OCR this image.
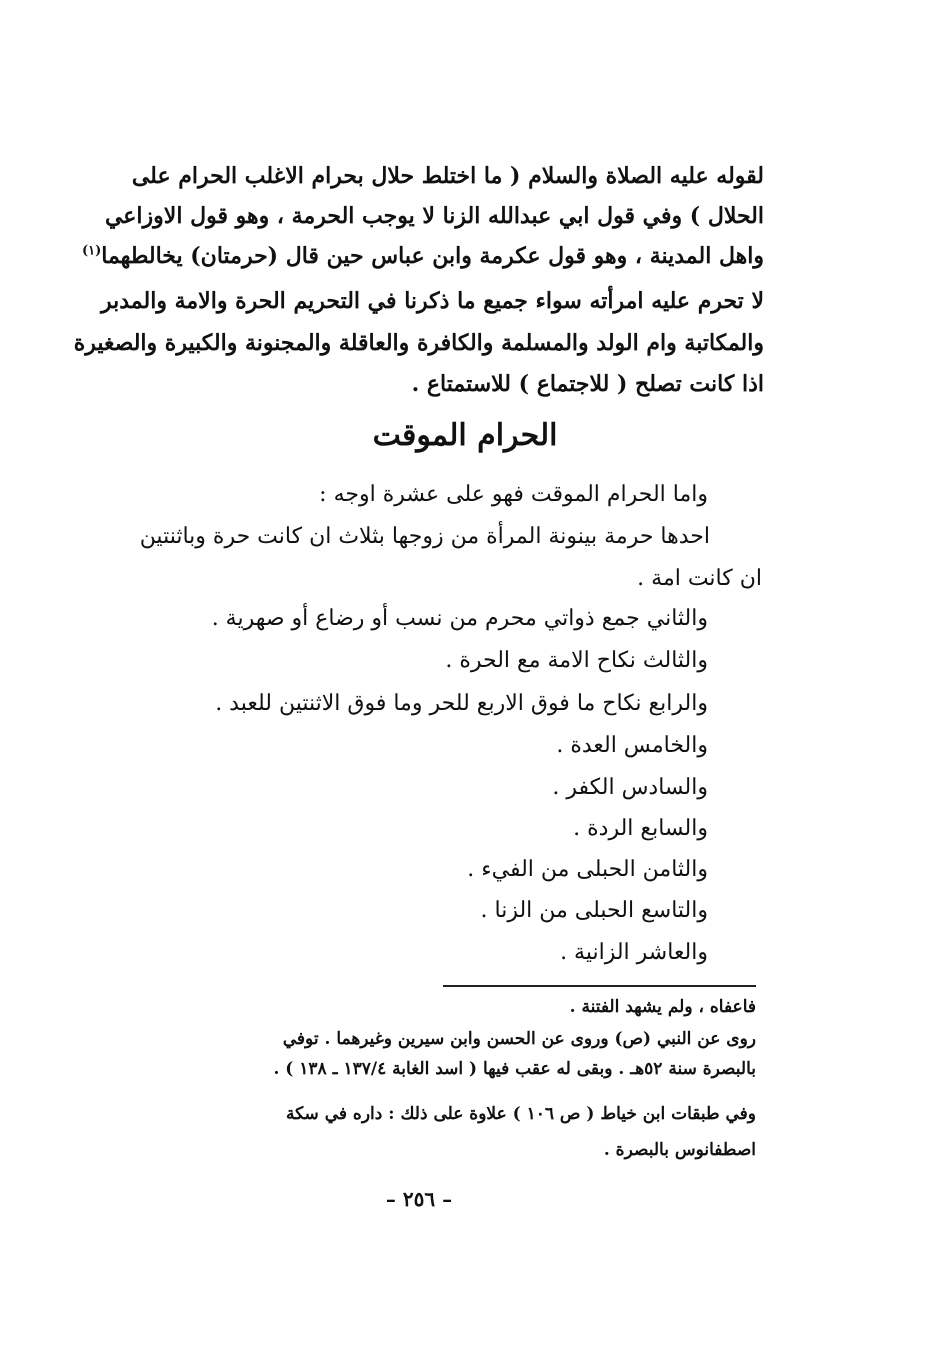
لقوله عليه الصلاة والسلام ( ما اختلط حلال بحرام الاغلب الحرام على
الحلال ) وفي قول ابي عبدالله الزنا لا يوجب الحرمة ، وهو قول الاوزاعي
واهل المدينة ، وهو قول عكرمة وابن عباس حين قال (حرمتان) يخالطهما$^{(١)}$
لا تحرم عليه امرأته سواء جميع ما ذكرنا في التحريم الحرة والامة والمدبر
والمكاتبة وام الولد والمسلمة والكافرة والعاقلة والمجنونة والكبيرة والصغيرة
اذا كانت تصلح ( للاجتماع ) للاستمتاع .
الحرام الموقت
واما الحرام الموقت فهو على عشرة اوجه :
احدها حرمة بينونة المرأة من زوجها بثلاث ان كانت حرة وباثنتين
ان كانت امة .
والثاني جمع ذواتي محرم من نسب أو رضاع أو صهرية .
والثالث نكاح الامة مع الحرة .
والرابع نكاح ما فوق الاربع للحر وما فوق الاثنتين للعبد .
والخامس العدة .
والسادس الكفر .
والسابع الردة .
والثامن الحبلى من الفيء .
والتاسع الحبلى من الزنا .
والعاشر الزانية .
فاعفاه ، ولم يشهد الفتنة .
روى عن النبي (ص) وروى عن الحسن وابن سيرين وغيرهما . توفي
بالبصرة سنة ٥٢هـ . وبقى له عقب فيها ( اسد الغابة ١٣٧/٤ ـ ١٣٨ ) .
وفي طبقات ابن خياط ( ص ١٠٦ ) علاوة على ذلك : داره في سكة
اصطفانوس بالبصرة .
– ٢٥٦ –
